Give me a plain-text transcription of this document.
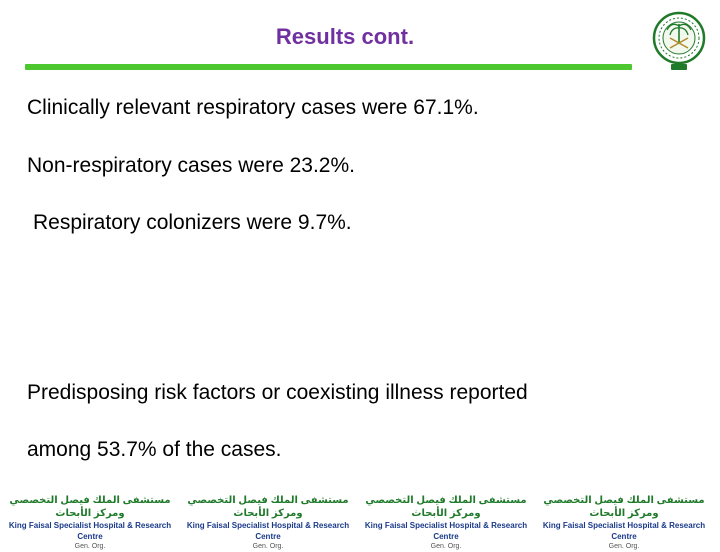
Results cont.
Clinically relevant respiratory cases were 67.1%.
Non-respiratory cases were 23.2%.
Respiratory colonizers were 9.7%.
Predisposing risk factors or coexisting illness reported
among 53.7% of the cases.
مستشفى الملك فيصل التخصصي ومركز الأبحاث
King Faisal Specialist Hospital & Research Centre
Gen. Org.
مستشفى الملك فيصل التخصصي ومركز الأبحاث
King Faisal Specialist Hospital & Research Centre
Gen. Org.
مستشفى الملك فيصل التخصصي ومركز الأبحاث
King Faisal Specialist Hospital & Research Centre
Gen. Org.
مستشفى الملك فيصل التخصصي ومركز الأبحاث
King Faisal Specialist Hospital & Research Centre
Gen. Org.
